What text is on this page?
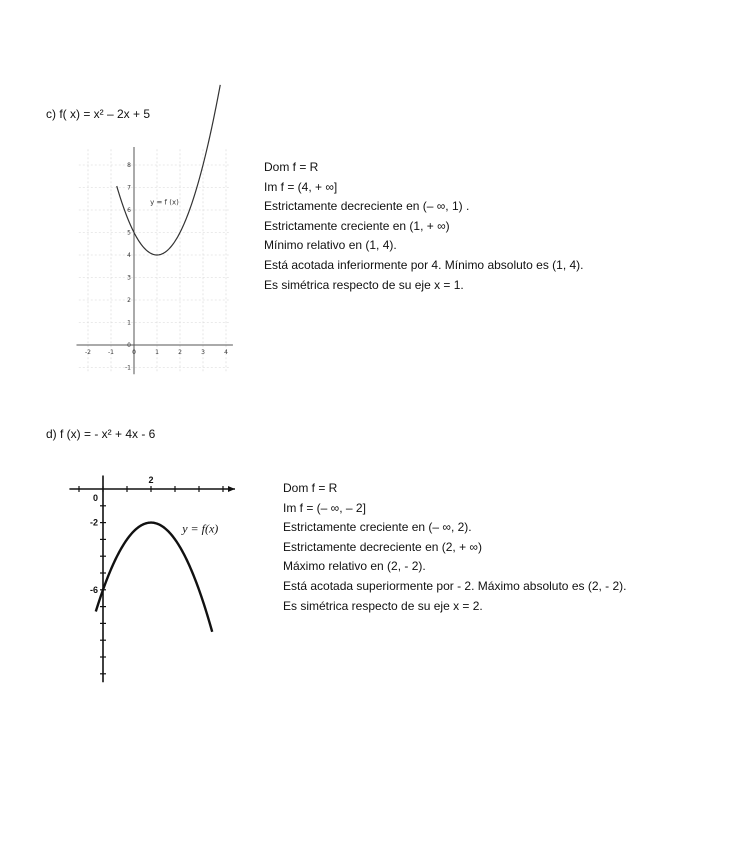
c) f( x) = x² – 2x + 5
-2	-1	0	1	2	3	4
8
7
6
5
4
3
2
1
0
-1
y = f (x)
Dom f = R
Im f = (4, + ∞]
Estrictamente decreciente en (– ∞, 1) .
Estrictamente creciente en (1, + ∞)
Mínimo relativo en (1, 4).
Está acotada inferiormente por 4. Mínimo absoluto es (1, 4).
Es simétrica respecto de su eje x = 1.
d) f (x) = - x² + 4x - 6
2
0
-2
-6
y = f(x)
Dom f = R
Im f = (– ∞, – 2]
Estrictamente creciente en (– ∞, 2).
Estrictamente decreciente en (2, + ∞)
Máximo relativo en (2, - 2).
Está acotada superiormente por - 2. Máximo absoluto es (2, - 2).
Es simétrica respecto de su eje x = 2.
